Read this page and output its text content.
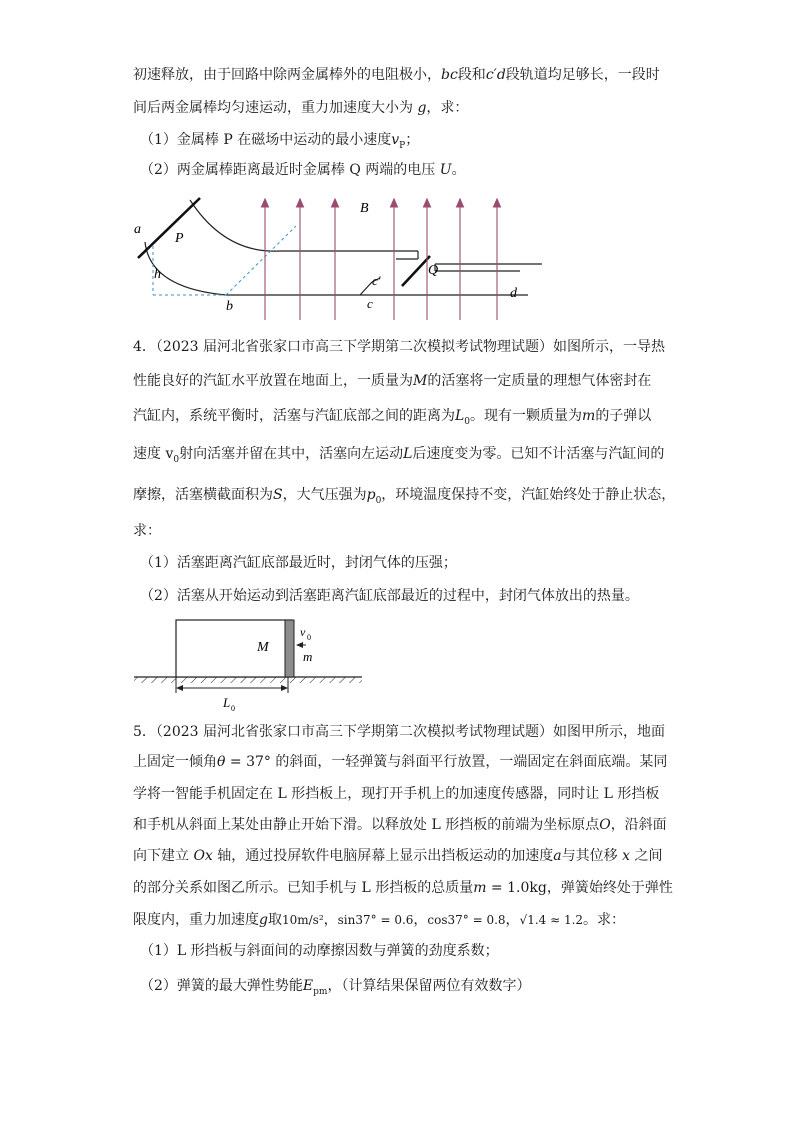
初速释放，由于回路中除两金属棒外的电阻极小，bc段和c′d段轨道均足够长，一段时
间后两金属棒均匀速运动，重力加速度大小为 g，求：
（1）金属棒 P 在磁场中运动的最小速度$v_P$；
（2）两金属棒距离最近时金属棒 Q 两端的电压 U。
a
P
h
b
B
c′
c
Q
d
4．（2023 届河北省张家口市高三下学期第二次模拟考试物理试题）如图所示，一导热
性能良好的汽缸水平放置在地面上，一质量为M的活塞将一定质量的理想气体密封在
汽缸内，系统平衡时，活塞与汽缸底部之间的距离为$L_0$。现有一颗质量为m的子弹以
速度 $v_0$射向活塞并留在其中，活塞向左运动L后速度变为零。已知不计活塞与汽缸间的
摩擦，活塞横截面积为S，大气压强为$p_0$，环境温度保持不变，汽缸始终处于静止状态，
求：
（1）活塞距离汽缸底部最近时，封闭气体的压强；
（2）活塞从开始运动到活塞距离汽缸底部最近的过程中，封闭气体放出的热量。
M
v 0
m
L 0
5．（2023 届河北省张家口市高三下学期第二次模拟考试物理试题）如图甲所示，地面
上固定一倾角θ = 37° 的斜面，一轻弹簧与斜面平行放置，一端固定在斜面底端。某同
学将一智能手机固定在 L 形挡板上，现打开手机上的加速度传感器，同时让 L 形挡板
和手机从斜面上某处由静止开始下滑。以释放处 L 形挡板的前端为坐标原点O，沿斜面
向下建立 Ox 轴，通过投屏软件电脑屏幕上显示出挡板运动的加速度a与其位移 x 之间
的部分关系如图乙所示。已知手机与 L 形挡板的总质量m = 1.0kg，弹簧始终处于弹性
限度内，重力加速度g取10m/s²，sin37° = 0.6，cos37° = 0.8，√1.4 ≈ 1.2。求：
（1）L 形挡板与斜面间的动摩擦因数与弹簧的劲度系数；
（2）弹簧的最大弹性势能$E_{pm}$，（计算结果保留两位有效数字）
